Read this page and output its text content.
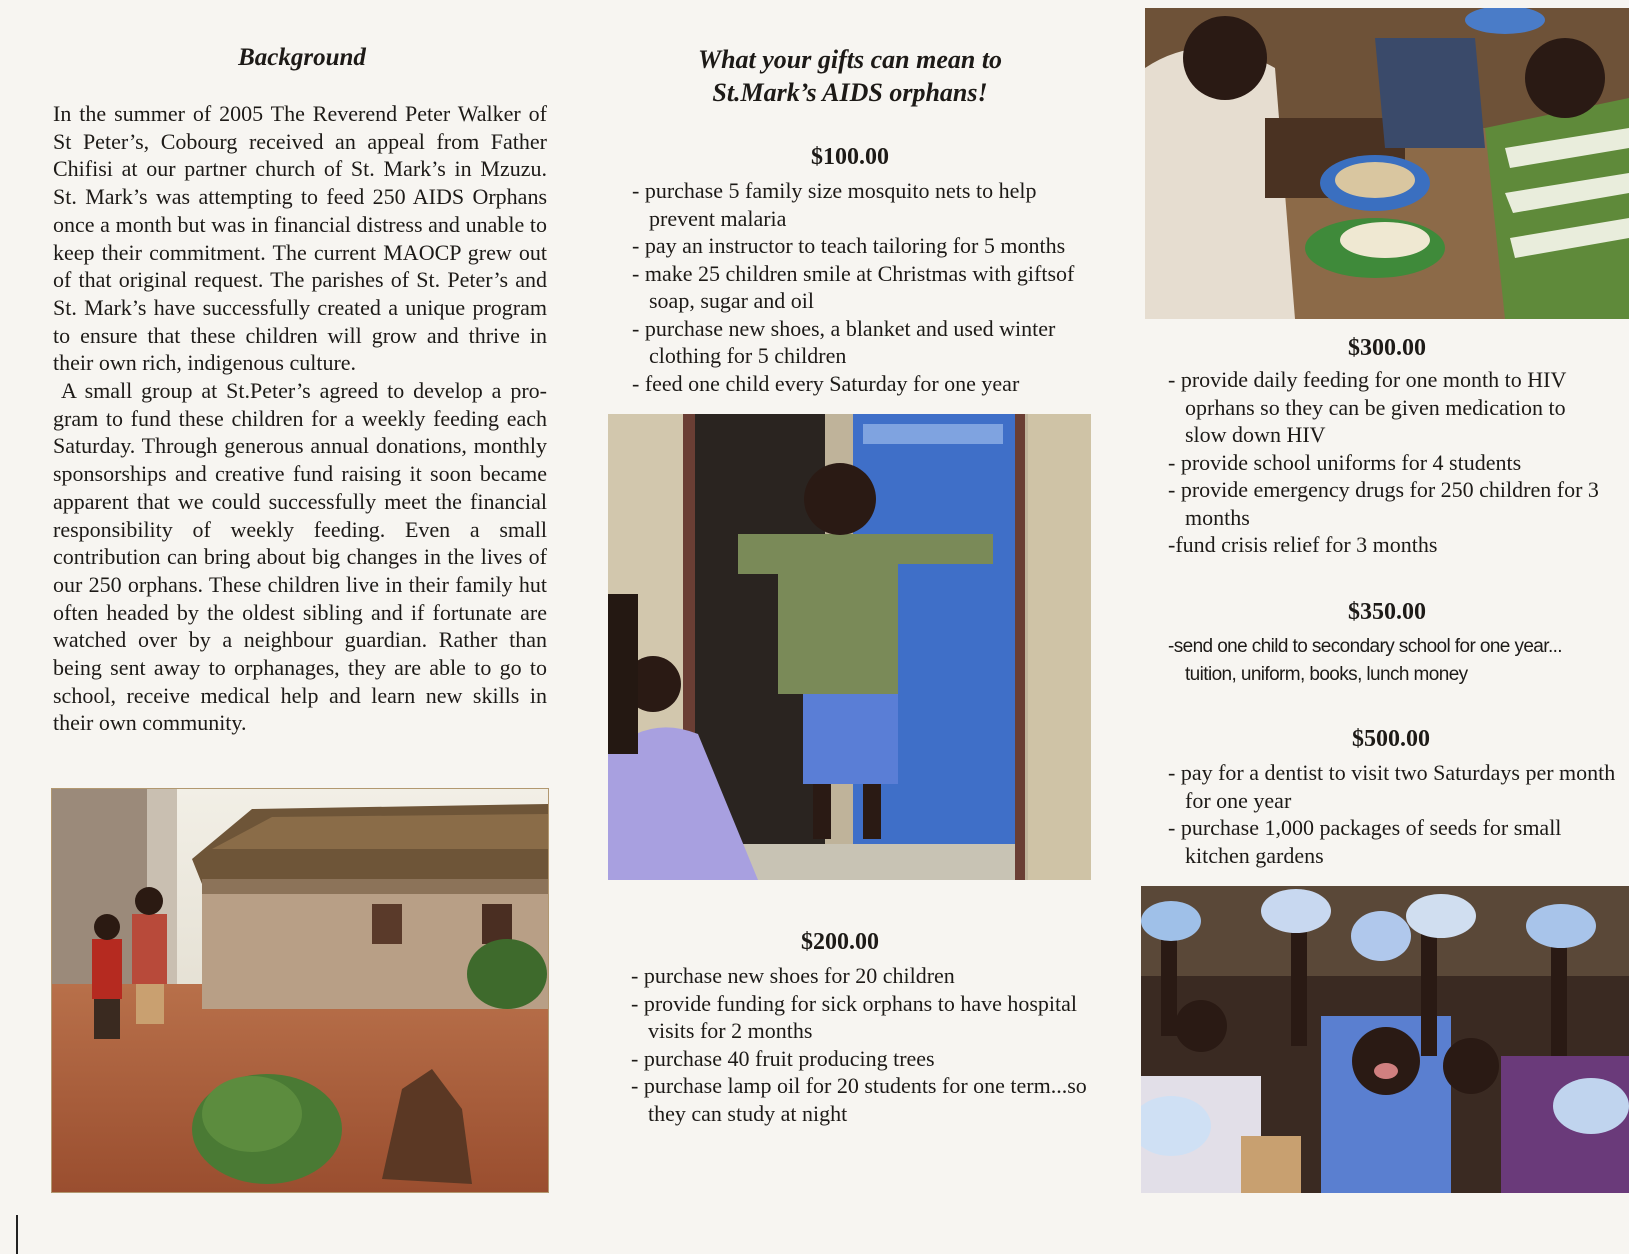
Background

In the summer of 2005 The Reverend Peter Walker of St Peter’s, Cobourg received an appeal from Father Chifisi at our partner church of St. Mark’s in Mzuzu. St. Mark’s was attempting to feed 250 AIDS Orphans once a month but was in financial distress and unable to keep their commitment. The current MAOCP grew out of that original request. The parishes of St. Peter’s and St. Mark’s have successfully created a unique program to ensure that these children will grow and thrive in their own rich, indigenous culture.

A small group at St.Peter’s agreed to develop a pro-gram to fund these children for a weekly feeding each Saturday. Through generous annual donations, monthly sponsorships and creative fund raising it soon became apparent that we could successfully meet the financial responsibility of weekly feeding. Even a small contribution can bring about big changes in the lives of our 250 orphans. These children live in their family hut often headed by the oldest sibling and if fortunate are watched over by a neighbour guardian. Rather than being sent away to orphanages, they are able to go to school, receive medical help and learn new skills in their own community.

What your gifts can mean to
St.Mark’s AIDS orphans!
$100.00
- purchase 5 family size mosquito nets to help prevent malaria
- pay an instructor to teach tailoring for 5 months
- make 25 children smile at Christmas with giftsof soap, sugar and oil
- purchase new shoes, a blanket and used winter clothing for 5 children
- feed one child every Saturday for one year
$200.00
- purchase new shoes for 20 children
- provide funding for sick orphans to have hospital visits for 2 months
- purchase 40 fruit producing trees
- purchase lamp oil for 20 students for one term...so they can study at night
$300.00
- provide daily feeding for one month to HIV oprhans so they can be given medication to slow down HIV
- provide school uniforms for 4 students
- provide emergency drugs for 250 children for 3 months
-fund crisis relief for 3 months
$350.00
-send one child to secondary school for one year... tuition, uniform, books, lunch money
$500.00
- pay for a dentist to visit two Saturdays per month for one year
- purchase 1,000 packages of seeds for small kitchen gardens
